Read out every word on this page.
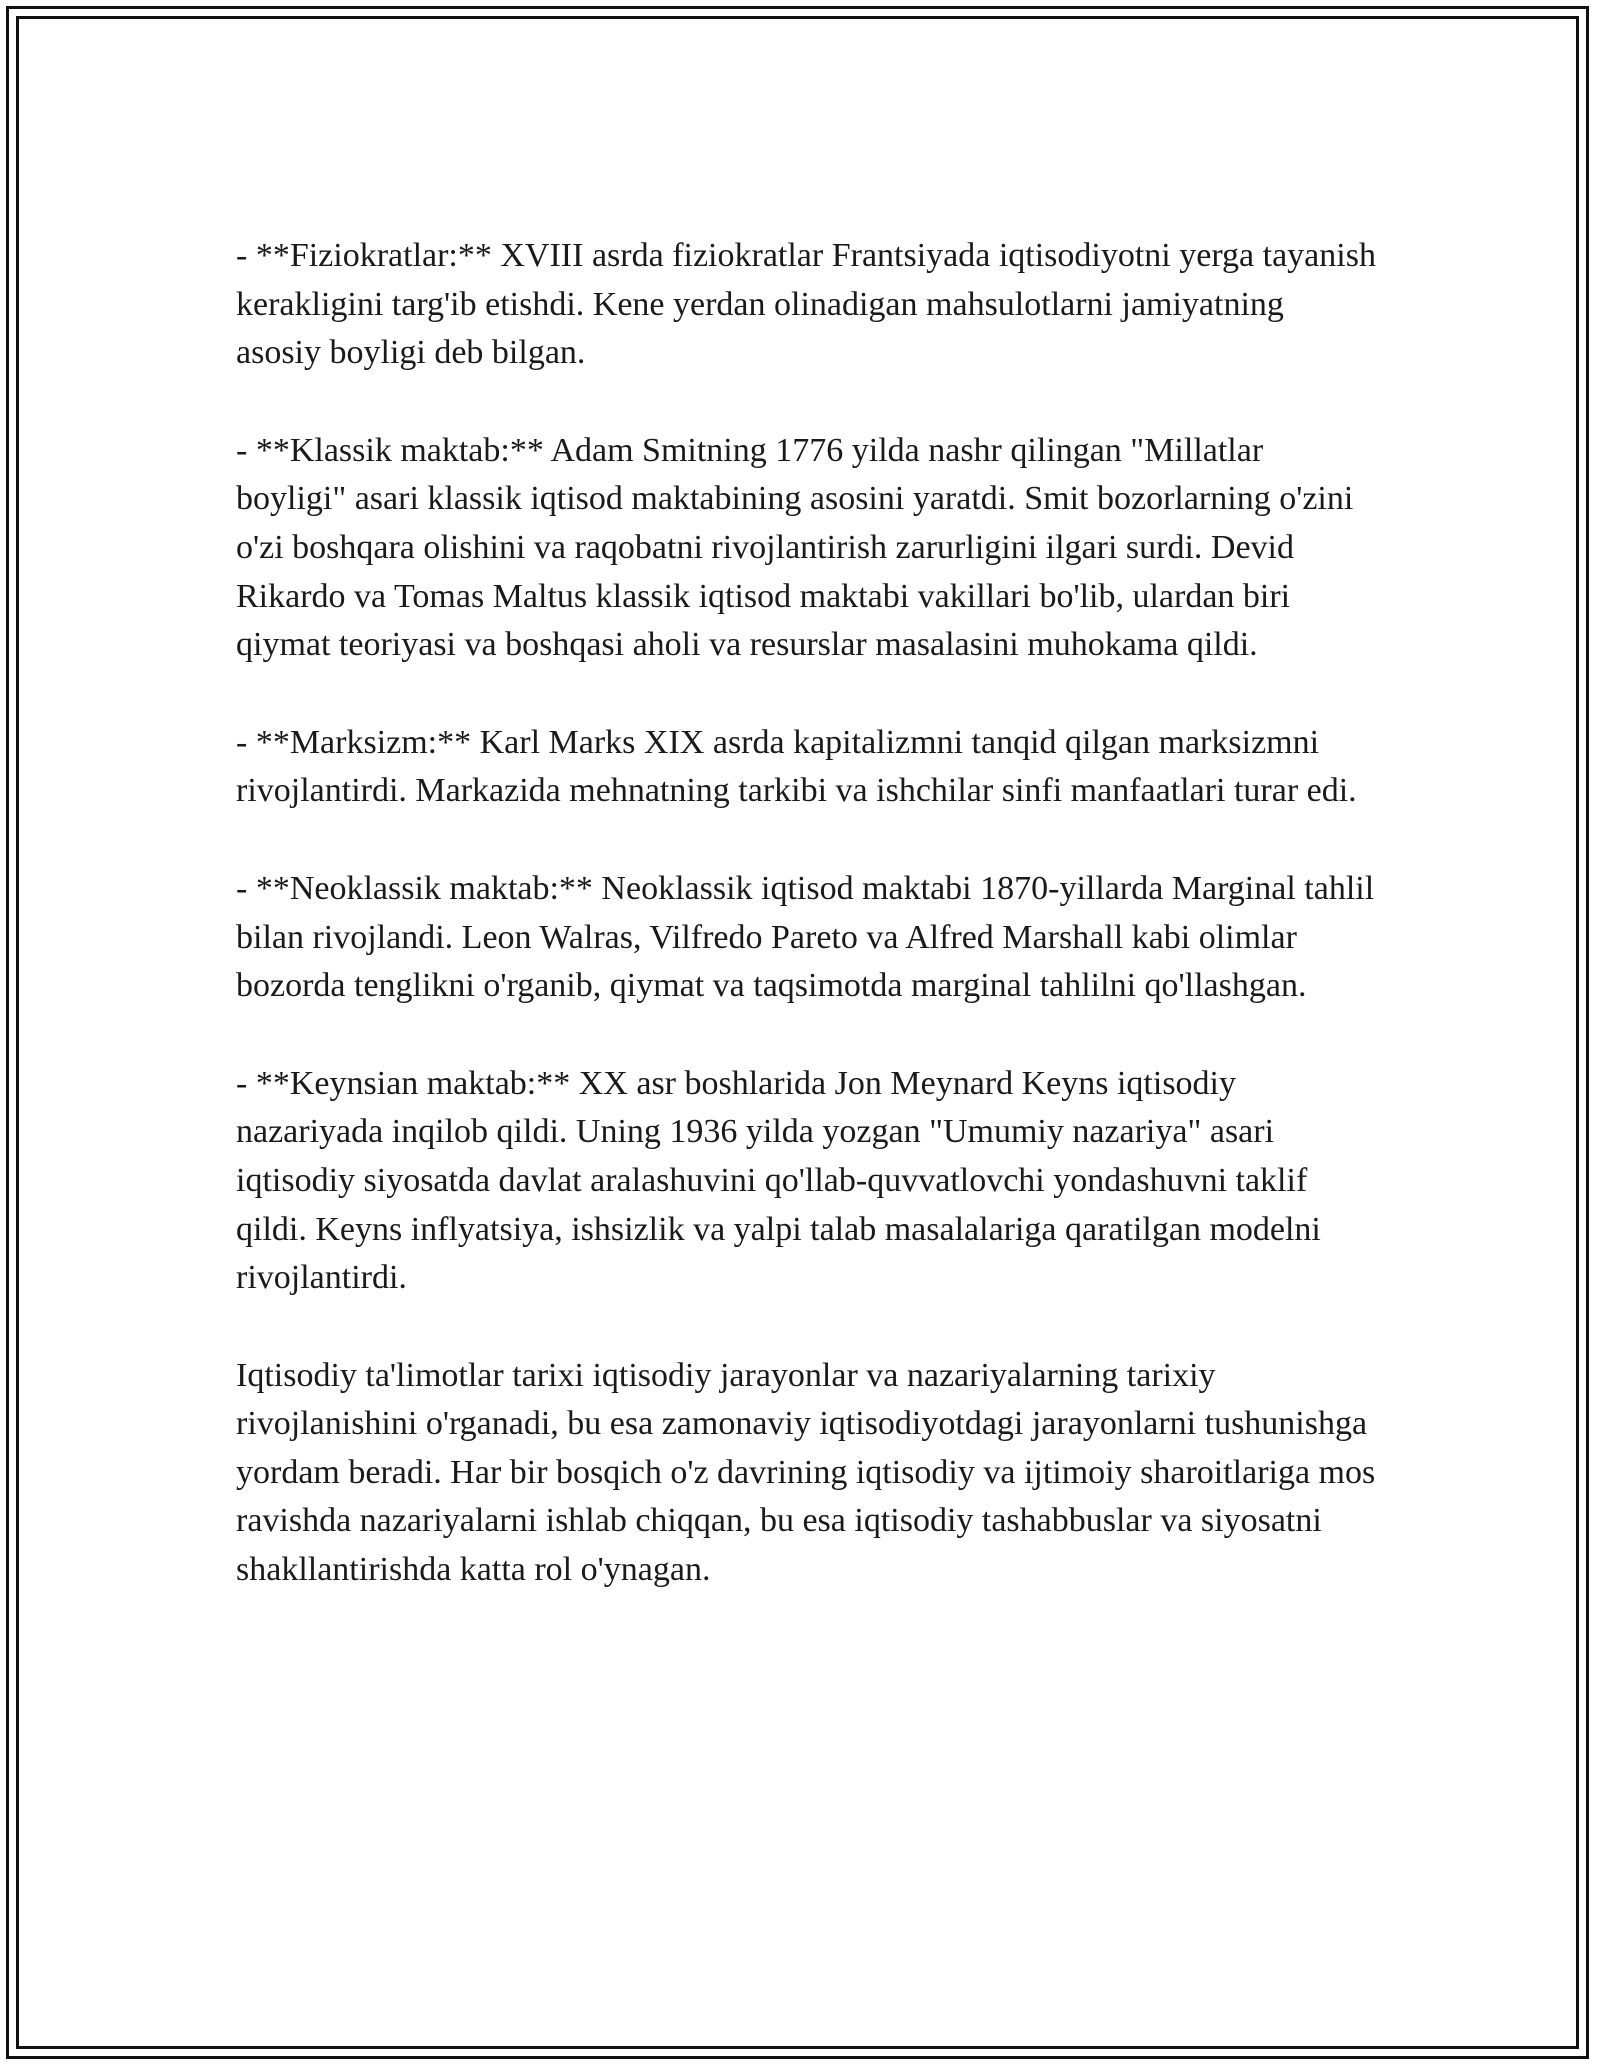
- **Fiziokratlar:** XVIII asrda fiziokratlar Frantsiyada iqtisodiyotni yerga tayanish kerakligini targ'ib etishdi. Kene yerdan olinadigan mahsulotlarni jamiyatning asosiy boyligi deb bilgan.

- **Klassik maktab:** Adam Smitning 1776 yilda nashr qilingan "Millatlar boyligi" asari klassik iqtisod maktabining asosini yaratdi. Smit bozorlarning o'zini o'zi boshqara olishini va raqobatni rivojlantirish zarurligini ilgari surdi. Devid Rikardo va Tomas Maltus klassik iqtisod maktabi vakillari bo'lib, ulardan biri qiymat teoriyasi va boshqasi aholi va resurslar masalasini muhokama qildi.

- **Marksizm:** Karl Marks XIX asrda kapitalizmni tanqid qilgan marksizmni rivojlantirdi. Markazida mehnatning tarkibi va ishchilar sinfi manfaatlari turar edi.

- **Neoklassik maktab:** Neoklassik iqtisod maktabi 1870-yillarda Marginal tahlil bilan rivojlandi. Leon Walras, Vilfredo Pareto va Alfred Marshall kabi olimlar bozorda tenglikni o'rganib, qiymat va taqsimotda marginal tahlilni qo'llashgan.

- **Keynsian maktab:** XX asr boshlarida Jon Meynard Keyns iqtisodiy nazariyada inqilob qildi. Uning 1936 yilda yozgan "Umumiy nazariya" asari iqtisodiy siyosatda davlat aralashuvini qo'llab-quvvatlovchi yondashuvni taklif qildi. Keyns inflyatsiya, ishsizlik va yalpi talab masalalariga qaratilgan modelni rivojlantirdi.

Iqtisodiy ta'limotlar tarixi iqtisodiy jarayonlar va nazariyalarning tarixiy rivojlanishini o'rganadi, bu esa zamonaviy iqtisodiyotdagi jarayonlarni tushunishga yordam beradi. Har bir bosqich o'z davrining iqtisodiy va ijtimoiy sharoitlariga mos ravishda nazariyalarni ishlab chiqqan, bu esa iqtisodiy tashabbuslar va siyosatni shakllantirishda katta rol o'ynagan.
